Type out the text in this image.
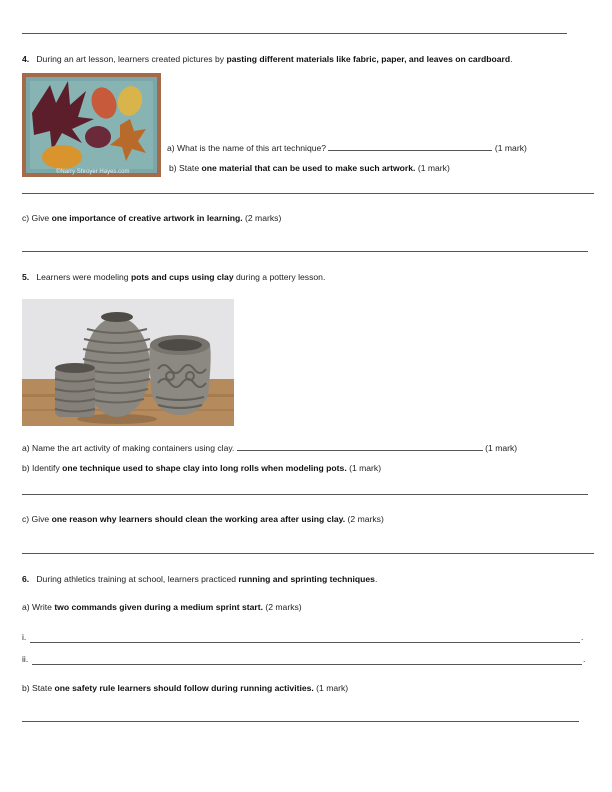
4. During an art lesson, learners created pictures by pasting different materials like fabric, paper, and leaves on cardboard.
©Narry Shroyer Hayes.com
a) What is the name of this art technique?	(1 mark)
b) State one material that can be used to make such artwork. (1 mark)
c) Give one importance of creative artwork in learning. (2 marks)
5. Learners were modeling pots and cups using clay during a pottery lesson.
a) Name the art activity of making containers using clay.	(1 mark)
b) Identify one technique used to shape clay into long rolls when modeling pots. (1 mark)
c) Give one reason why learners should clean the working area after using clay. (2 marks)
6. During athletics training at school, learners practiced running and sprinting techniques.
a) Write two commands given during a medium sprint start. (2 marks)
i.	.
ii.	.
b) State one safety rule learners should follow during running activities. (1 mark)
